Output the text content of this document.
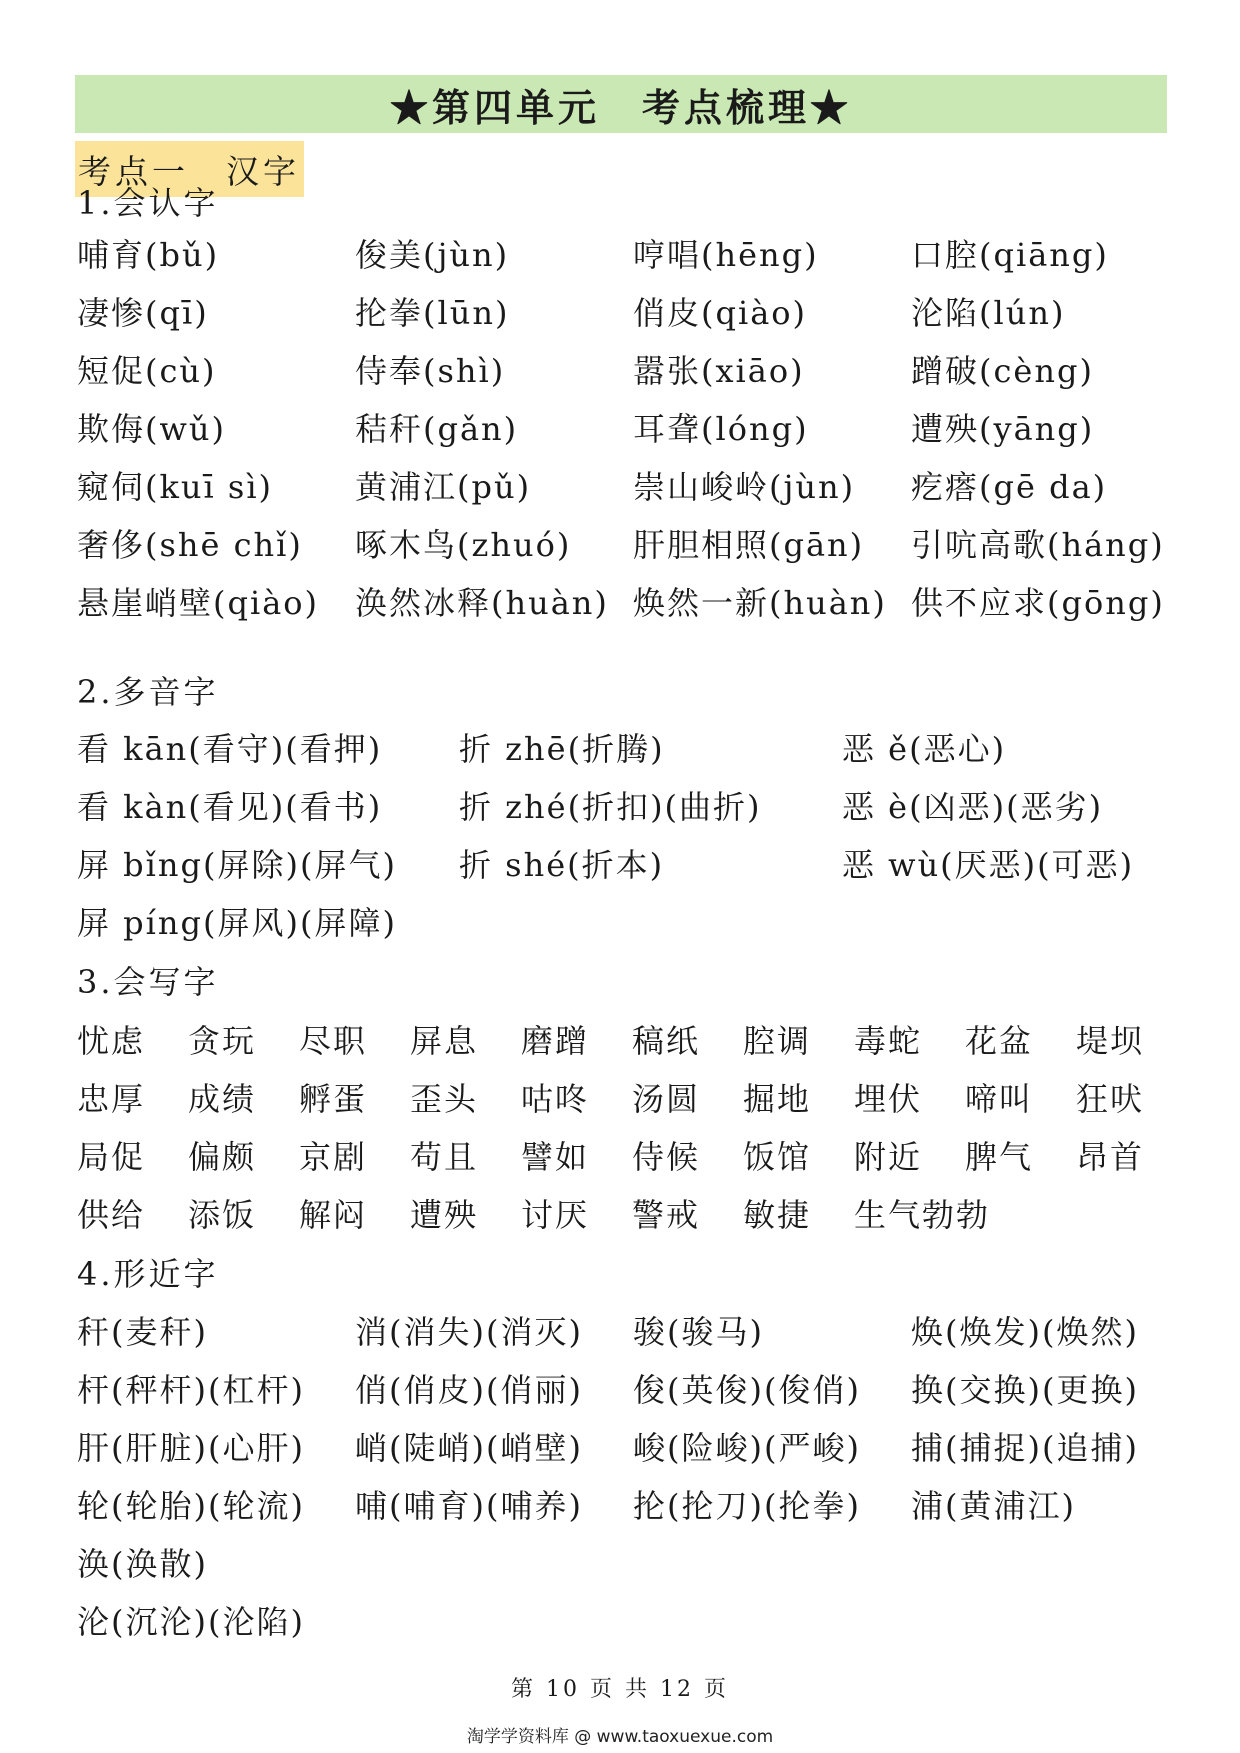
★第四单元　考点梳理★
考点一　汉字
1.会认字
哺育(bǔ)	俊美(jùn)	哼唱(hēng)	口腔(qiāng)
凄惨(qī)	抡拳(lūn)	俏皮(qiào)	沦陷(lún)
短促(cù)	侍奉(shì)	嚣张(xiāo)	蹭破(cèng)
欺侮(wǔ)	秸秆(gǎn)	耳聋(lóng)	遭殃(yāng)
窥伺(kuī sì)	黄浦江(pǔ)	崇山峻岭(jùn) 疙瘩(gē da)
奢侈(shē chǐ) 啄木鸟(zhuó) 肝胆相照(gān) 引吭高歌(háng)
悬崖峭壁(qiào) 涣然冰释(huàn) 焕然一新(huàn) 供不应求(gōng)
2.多音字
看 kān(看守)(看押) 折 zhē(折腾)	恶 ě(恶心)
看 kàn(看见)(看书) 折 zhé(折扣)(曲折)	恶 è(凶恶)(恶劣)
屏 bǐng(屏除)(屏气) 折 shé(折本)	恶 wù(厌恶)(可恶)
屏 píng(屏风)(屏障)
3.会写字
忧虑 贪玩 尽职 屏息 磨蹭 稿纸 腔调 毒蛇 花盆 堤坝
忠厚 成绩 孵蛋 歪头 咕咚 汤圆 掘地 埋伏 啼叫 狂吠
局促 偏颇 京剧 苟且 譬如 侍候 饭馆 附近 脾气 昂首
供给 添饭 解闷 遭殃 讨厌 警戒 敏捷 生气勃勃
4.形近字
秆(麦秆)	消(消失)(消灭) 骏(骏马)	焕(焕发)(焕然)
杆(秤杆)(杠杆) 俏(俏皮)(俏丽) 俊(英俊)(俊俏) 换(交换)(更换)
肝(肝脏)(心肝) 峭(陡峭)(峭壁) 峻(险峻)(严峻) 捕(捕捉)(追捕)
轮(轮胎)(轮流) 哺(哺育)(哺养) 抡(抡刀)(抡拳) 浦(黄浦江)
涣(涣散)
沦(沉沦)(沦陷)
第 10 页 共 12 页
淘学学资料库 @ www.taoxuexue.com
